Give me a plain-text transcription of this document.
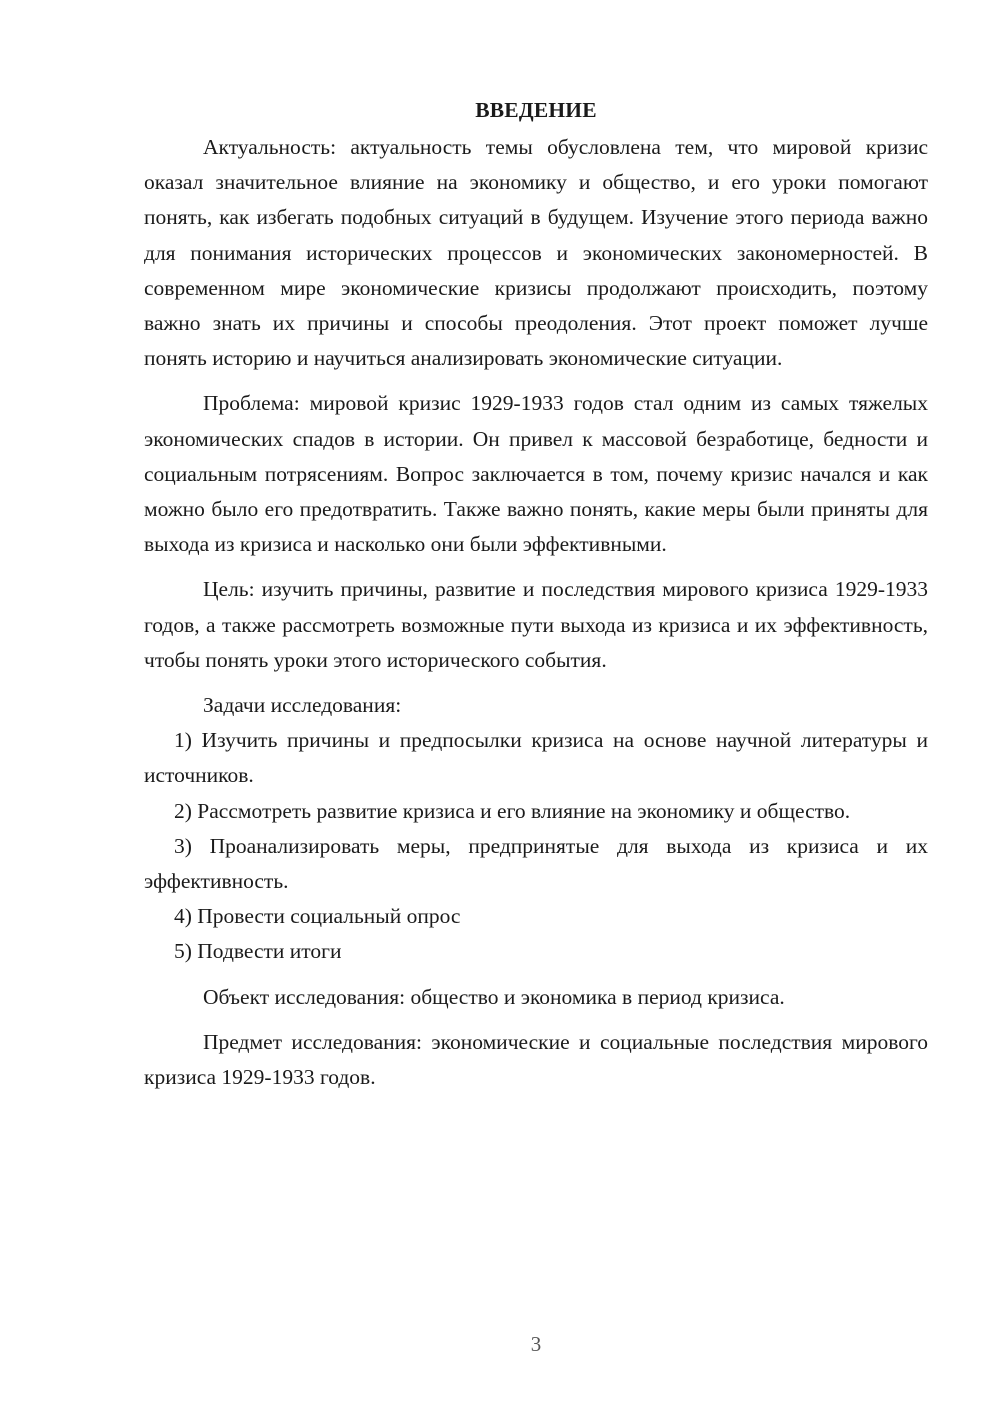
ВВЕДЕНИЕ

Актуальность: актуальность темы обусловлена тем, что мировой кризис оказал значительное влияние на экономику и общество, и его уроки помогают понять, как избегать подобных ситуаций в будущем. Изучение этого периода важно для понимания исторических процессов и экономических закономерностей. В современном мире экономические кризисы продолжают происходить, поэтому важно знать их причины и способы преодоления. Этот проект поможет лучше понять историю и научиться анализировать экономические ситуации.

Проблема: мировой кризис 1929-1933 годов стал одним из самых тяжелых экономических спадов в истории. Он привел к массовой безработице, бедности и социальным потрясениям. Вопрос заключается в том, почему кризис начался и как можно было его предотвратить. Также важно понять, какие меры были приняты для выхода из кризиса и насколько они были эффективными.

Цель: изучить причины, развитие и последствия мирового кризиса 1929-1933 годов, а также рассмотреть возможные пути выхода из кризиса и их эффективность, чтобы понять уроки этого исторического события.

Задачи исследования:

1) Изучить причины и предпосылки кризиса на основе научной литературы и источников.

2) Рассмотреть развитие кризиса и его влияние на экономику и общество.

3) Проанализировать меры, предпринятые для выхода из кризиса и их эффективность.

4) Провести социальный опрос

5) Подвести итоги

Объект исследования: общество и экономика в период кризиса.

Предмет исследования: экономические и социальные последствия мирового кризиса 1929-1933 годов.

3
